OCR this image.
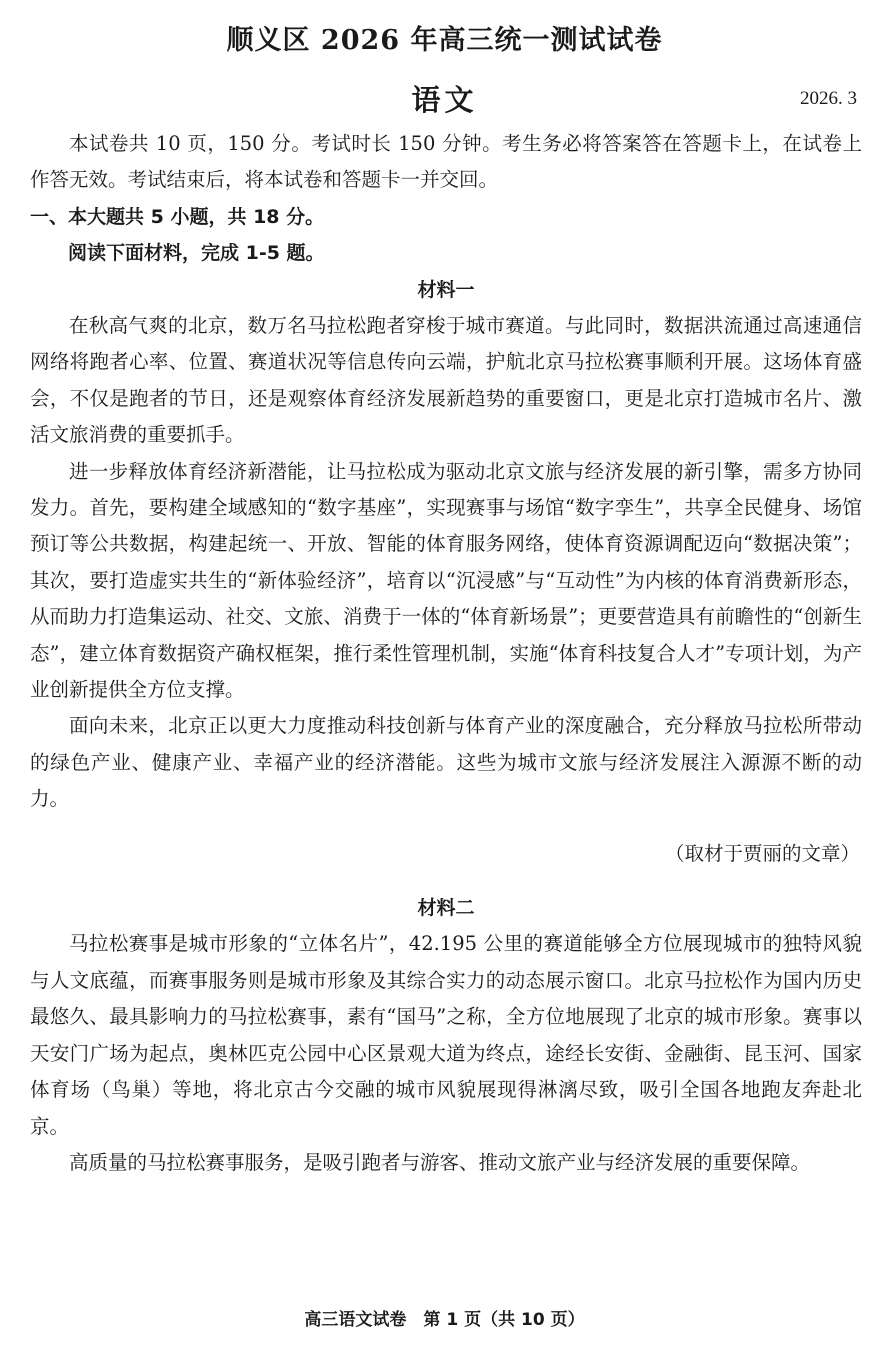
顺义区 2026 年高三统一测试试卷
语文	2026. 3

本试卷共 10 页，150 分。考试时长 150 分钟。考生务必将答案答在答题卡上，在试卷上作答无效。考试结束后，将本试卷和答题卡一并交回。

一、本大题共 5 小题，共 18 分。

阅读下面材料，完成 1-5 题。

材料一

在秋高气爽的北京，数万名马拉松跑者穿梭于城市赛道。与此同时，数据洪流通过高速通信网络将跑者心率、位置、赛道状况等信息传向云端，护航北京马拉松赛事顺利开展。这场体育盛会，不仅是跑者的节日，还是观察体育经济发展新趋势的重要窗口，更是北京打造城市名片、激活文旅消费的重要抓手。

进一步释放体育经济新潜能，让马拉松成为驱动北京文旅与经济发展的新引擎，需多方协同发力。首先，要构建全域感知的“数字基座”，实现赛事与场馆“数字孪生”，共享全民健身、场馆预订等公共数据，构建起统一、开放、智能的体育服务网络，使体育资源调配迈向“数据决策”；其次，要打造虚实共生的“新体验经济”，培育以“沉浸感”与“互动性”为内核的体育消费新形态，从而助力打造集运动、社交、文旅、消费于一体的“体育新场景”；更要营造具有前瞻性的“创新生态”，建立体育数据资产确权框架，推行柔性管理机制，实施“体育科技复合人才”专项计划，为产业创新提供全方位支撑。

面向未来，北京正以更大力度推动科技创新与体育产业的深度融合，充分释放马拉松所带动的绿色产业、健康产业、幸福产业的经济潜能。这些为城市文旅与经济发展注入源源不断的动力。

（取材于贾丽的文章）

材料二

马拉松赛事是城市形象的“立体名片”，42.195 公里的赛道能够全方位展现城市的独特风貌与人文底蕴，而赛事服务则是城市形象及其综合实力的动态展示窗口。北京马拉松作为国内历史最悠久、最具影响力的马拉松赛事，素有“国马”之称，全方位地展现了北京的城市形象。赛事以天安门广场为起点，奥林匹克公园中心区景观大道为终点，途经长安街、金融街、昆玉河、国家体育场（鸟巢）等地，将北京古今交融的城市风貌展现得淋漓尽致，吸引全国各地跑友奔赴北京。

高质量的马拉松赛事服务，是吸引跑者与游客、推动文旅产业与经济发展的重要保障。

高三语文试卷　第 1 页（共 10 页）
